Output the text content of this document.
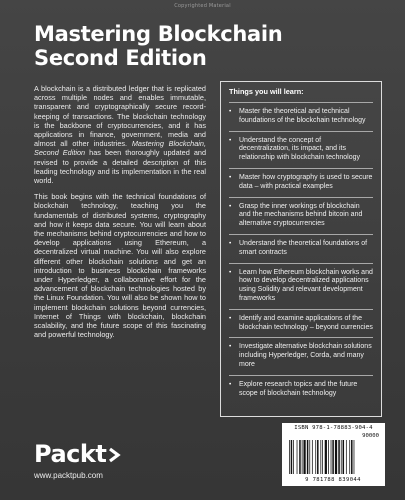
Copyrighted Material
Mastering Blockchain
Second Edition

A blockchain is a distributed ledger that is replicated across multiple nodes and enables immutable, transparent and cryptographically secure record-keeping of transactions. The blockchain technology is the backbone of cryptocurrencies, and it has applications in finance, government, media and almost all other industries. Mastering Blockchain, Second Edition has been thoroughly updated and revised to provide a detailed description of this leading technology and its implementation in the real world.

This book begins with the technical foundations of blockchain technology, teaching you the fundamentals of distributed systems, cryptography and how it keeps data secure. You will learn about the mechanisms behind cryptocurrencies and how to develop applications using Ethereum, a decentralized virtual machine. You will also explore different other blockchain solutions and get an introduction to business blockchain frameworks under Hyperledger, a collaborative effort for the advancement of blockchain technologies hosted by the Linux Foundation. You will also be shown how to implement blockchain solutions beyond currencies, Internet of Things with blockchain, blockchain scalability, and the future scope of this fascinating and powerful technology.

Things you will learn:
• Master the theoretical and technical foundations of the blockchain technology
• Understand the concept of decentralization, its impact, and its relationship with blockchain technology
• Master how cryptography is used to secure data – with practical examples
• Grasp the inner workings of blockchain and the mechanisms behind bitcoin and alternative cryptocurrencies
• Understand the theoretical foundations of smart contracts
• Learn how Ethereum blockchain works and how to develop decentralized applications using Solidity and relevant development frameworks
• Identify and examine applications of the blockchain technology – beyond currencies
• Investigate alternative blockchain solutions including Hyperledger, Corda, and many more
• Explore research topics and the future scope of blockchain technology
ISBN 978-1-78883-904-4
90000
9 781788 839044
Packt
www.packtpub.com
